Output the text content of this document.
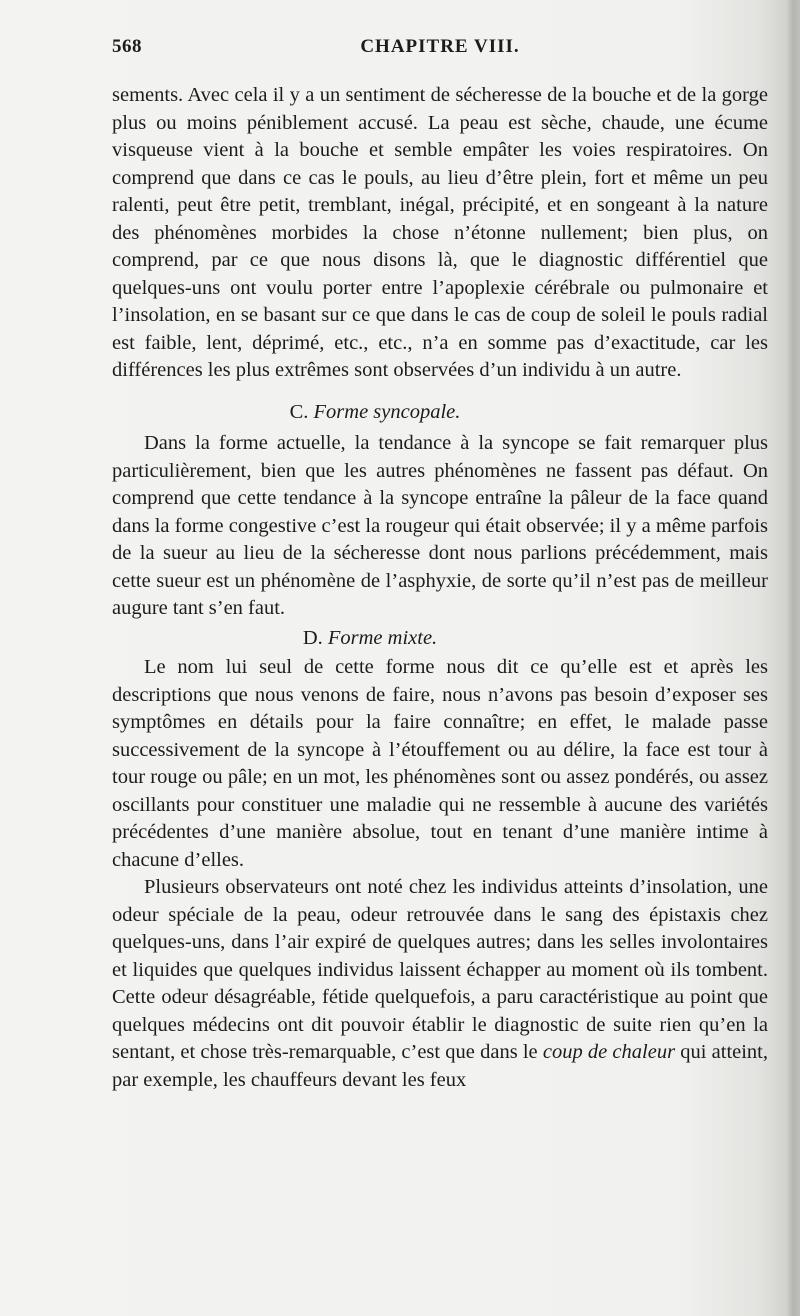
568	CHAPITRE VIII.

sements. Avec cela il y a un sentiment de sécheresse de la bouche et de la gorge plus ou moins péniblement accusé. La peau est sèche, chaude, une écume visqueuse vient à la bouche et semble empâter les voies respiratoires. On comprend que dans ce cas le pouls, au lieu d’être plein, fort et même un peu ralenti, peut être petit, tremblant, inégal, précipité, et en songeant à la nature des phénomènes morbides la chose n’étonne nullement; bien plus, on comprend, par ce que nous disons là, que le diagnostic différentiel que quelques-uns ont voulu porter entre l’apoplexie cérébrale ou pulmonaire et l’insolation, en se basant sur ce que dans le cas de coup de soleil le pouls radial est faible, lent, déprimé, etc., etc., n’a en somme pas d’exactitude, car les différences les plus extrêmes sont observées d’un individu à un autre.

C. Forme syncopale.

Dans la forme actuelle, la tendance à la syncope se fait remarquer plus particulièrement, bien que les autres phénomènes ne fassent pas défaut. On comprend que cette tendance à la syncope entraîne la pâleur de la face quand dans la forme congestive c’est la rougeur qui était observée; il y a même parfois de la sueur au lieu de la sécheresse dont nous parlions précédemment, mais cette sueur est un phénomène de l’asphyxie, de sorte qu’il n’est pas de meilleur augure tant s’en faut.

D. Forme mixte.

Le nom lui seul de cette forme nous dit ce qu’elle est et après les descriptions que nous venons de faire, nous n’avons pas besoin d’exposer ses symptômes en détails pour la faire connaître; en effet, le malade passe successivement de la syncope à l’étouffement ou au délire, la face est tour à tour rouge ou pâle; en un mot, les phénomènes sont ou assez pondérés, ou assez oscillants pour constituer une maladie qui ne ressemble à aucune des variétés précédentes d’une manière absolue, tout en tenant d’une manière intime à chacune d’elles.

Plusieurs observateurs ont noté chez les individus atteints d’insolation, une odeur spéciale de la peau, odeur retrouvée dans le sang des épistaxis chez quelques-uns, dans l’air expiré de quelques autres; dans les selles involontaires et liquides que quelques individus laissent échapper au moment où ils tombent. Cette odeur désagréable, fétide quelquefois, a paru caractéristique au point que quelques médecins ont dit pouvoir établir le diagnostic de suite rien qu’en la sentant, et chose très-remarquable, c’est que dans le coup de chaleur qui atteint, par exemple, les chauffeurs devant les feux
